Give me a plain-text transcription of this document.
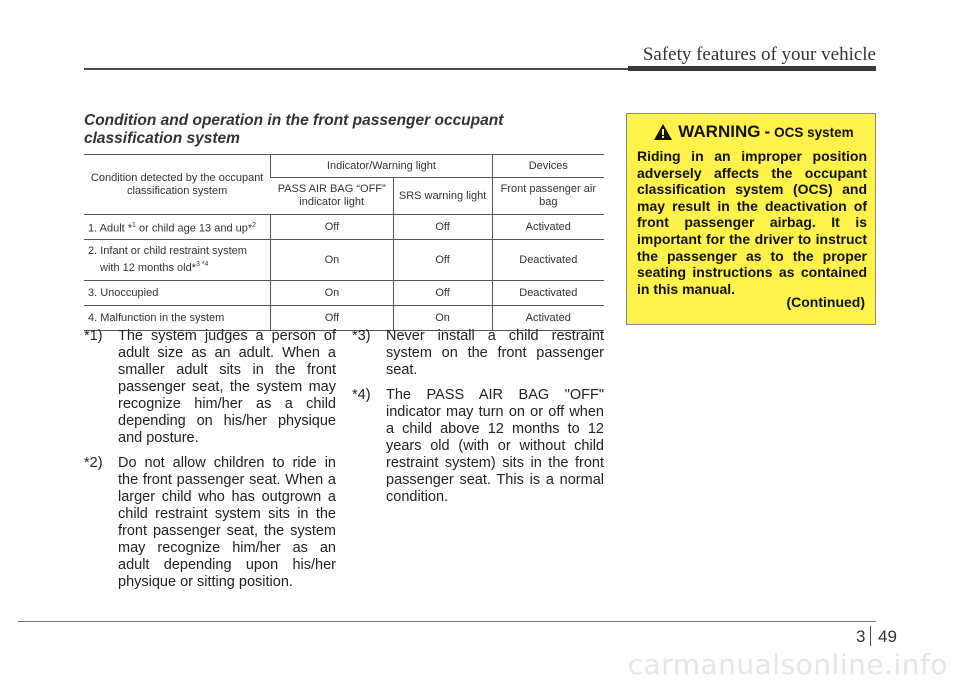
Safety features of your vehicle
Condition and operation in the front passenger occupant classification system
Condition detected by the occupant classification system	Indicator/Warning light		Devices
	PASS AIR BAG “OFF” indicator light	SRS warning light	Front passenger air bag
1. Adult *$^1$ or child age 13 and up*$^2$	Off	Off	Activated
2. Infant or child restraint system
with 12 months old*$^{3 *4}$	On	Off	Deactivated
3. Unoccupied	On	Off	Deactivated
4. Malfunction in the system	Off	On	Activated

*1) The system judges a person of adult size as an adult. When a smaller adult sits in the front passenger seat, the system may recognize him/her as a child depending on his/her physique and posture.

*2) Do not allow children to ride in the front passenger seat. When a larger child who has outgrown a child restraint system sits in the front passenger seat, the system may recognize him/her as an adult depending upon his/her physique or sitting position.

*3) Never install a child restraint system on the front passenger seat.

*4) The PASS AIR BAG "OFF" indicator may turn on or off when a child above 12 months to 12 years old (with or without child restraint system) sits in the front passenger seat. This is a normal condition.

WARNING - OCS system
Riding in an improper position adversely affects the occupant classification system (OCS) and may result in the deactivation of front passenger airbag. It is important for the driver to instruct the passenger as to the proper seating instructions as contained in this manual.
(Continued)
3 49
carmanualsonline.info
